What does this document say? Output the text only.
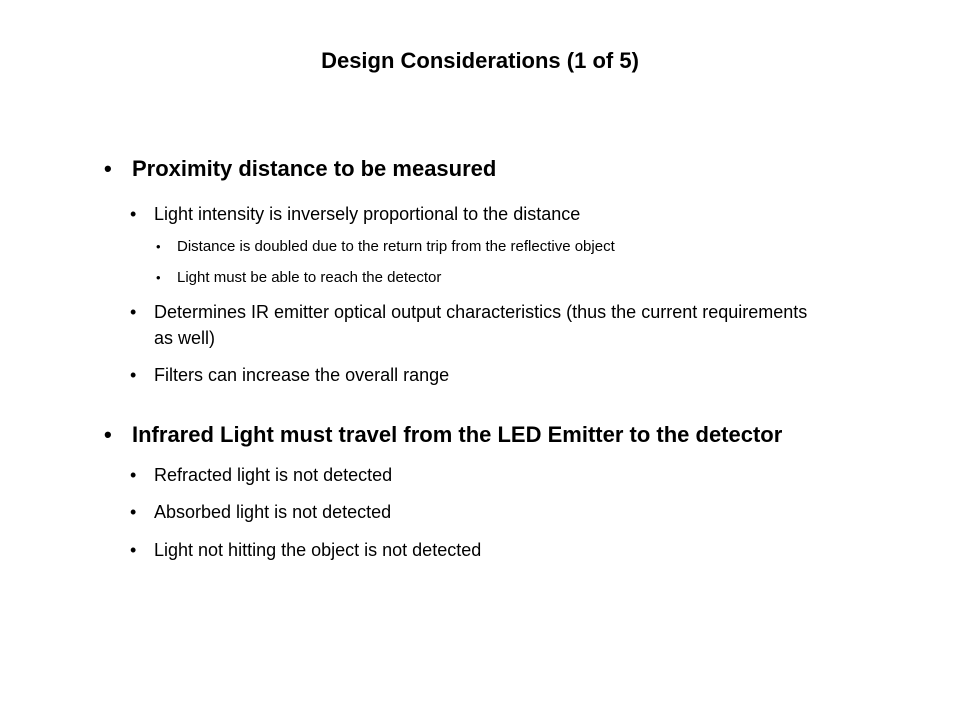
Design Considerations (1 of 5)
• Proximity distance to be measured
• Light intensity is inversely proportional to the distance
• Distance is doubled due to the return trip from the reflective object
• Light must be able to reach the detector
• Determines IR emitter optical output characteristics (thus the current requirements as well)
• Filters can increase the overall range
• Infrared Light must travel from the LED Emitter to the detector
• Refracted light is not detected
• Absorbed light is not detected
• Light not hitting the object is not detected
